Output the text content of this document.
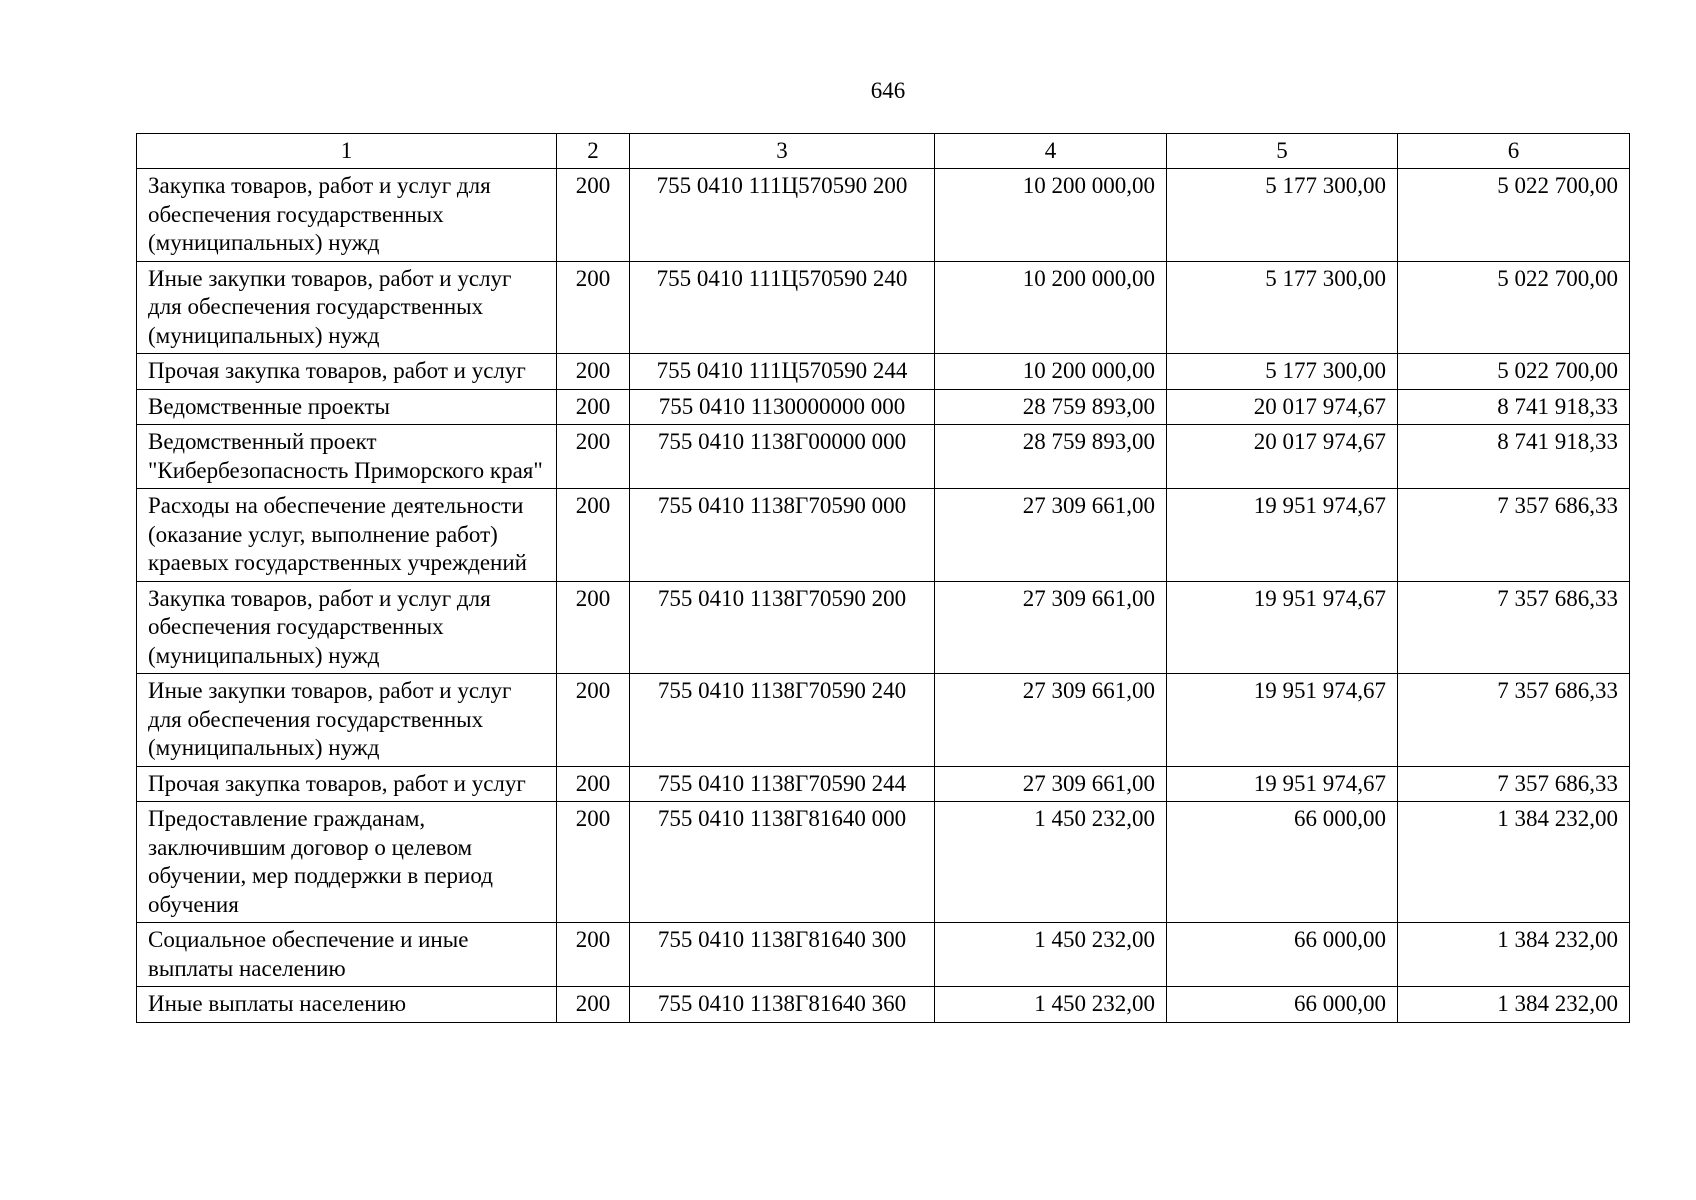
646
1	2	3	4	5	6
Закупка товаров, работ и услуг для обеспечения государственных (муниципальных) нужд	200	755 0410 111Ц570590 200	10 200 000,00	5 177 300,00	5 022 700,00
Иные закупки товаров, работ и услуг для обеспечения государственных (муниципальных) нужд	200	755 0410 111Ц570590 240	10 200 000,00	5 177 300,00	5 022 700,00
Прочая закупка товаров, работ и услуг	200	755 0410 111Ц570590 244	10 200 000,00	5 177 300,00	5 022 700,00
Ведомственные проекты	200	755 0410 1130000000 000	28 759 893,00	20 017 974,67	8 741 918,33
Ведомственный проект "Кибербезопасность Приморского края"	200	755 0410 1138Г00000 000	28 759 893,00	20 017 974,67	8 741 918,33
Расходы на обеспечение деятельности (оказание услуг, выполнение работ) краевых государственных учреждений	200	755 0410 1138Г70590 000	27 309 661,00	19 951 974,67	7 357 686,33
Закупка товаров, работ и услуг для обеспечения государственных (муниципальных) нужд	200	755 0410 1138Г70590 200	27 309 661,00	19 951 974,67	7 357 686,33
Иные закупки товаров, работ и услуг для обеспечения государственных (муниципальных) нужд	200	755 0410 1138Г70590 240	27 309 661,00	19 951 974,67	7 357 686,33
Прочая закупка товаров, работ и услуг	200	755 0410 1138Г70590 244	27 309 661,00	19 951 974,67	7 357 686,33
Предоставление гражданам, заключившим договор о целевом обучении, мер поддержки в период обучения	200	755 0410 1138Г81640 000	1 450 232,00	66 000,00	1 384 232,00
Социальное обеспечение и иные выплаты населению	200	755 0410 1138Г81640 300	1 450 232,00	66 000,00	1 384 232,00
Иные выплаты населению	200	755 0410 1138Г81640 360	1 450 232,00	66 000,00	1 384 232,00
